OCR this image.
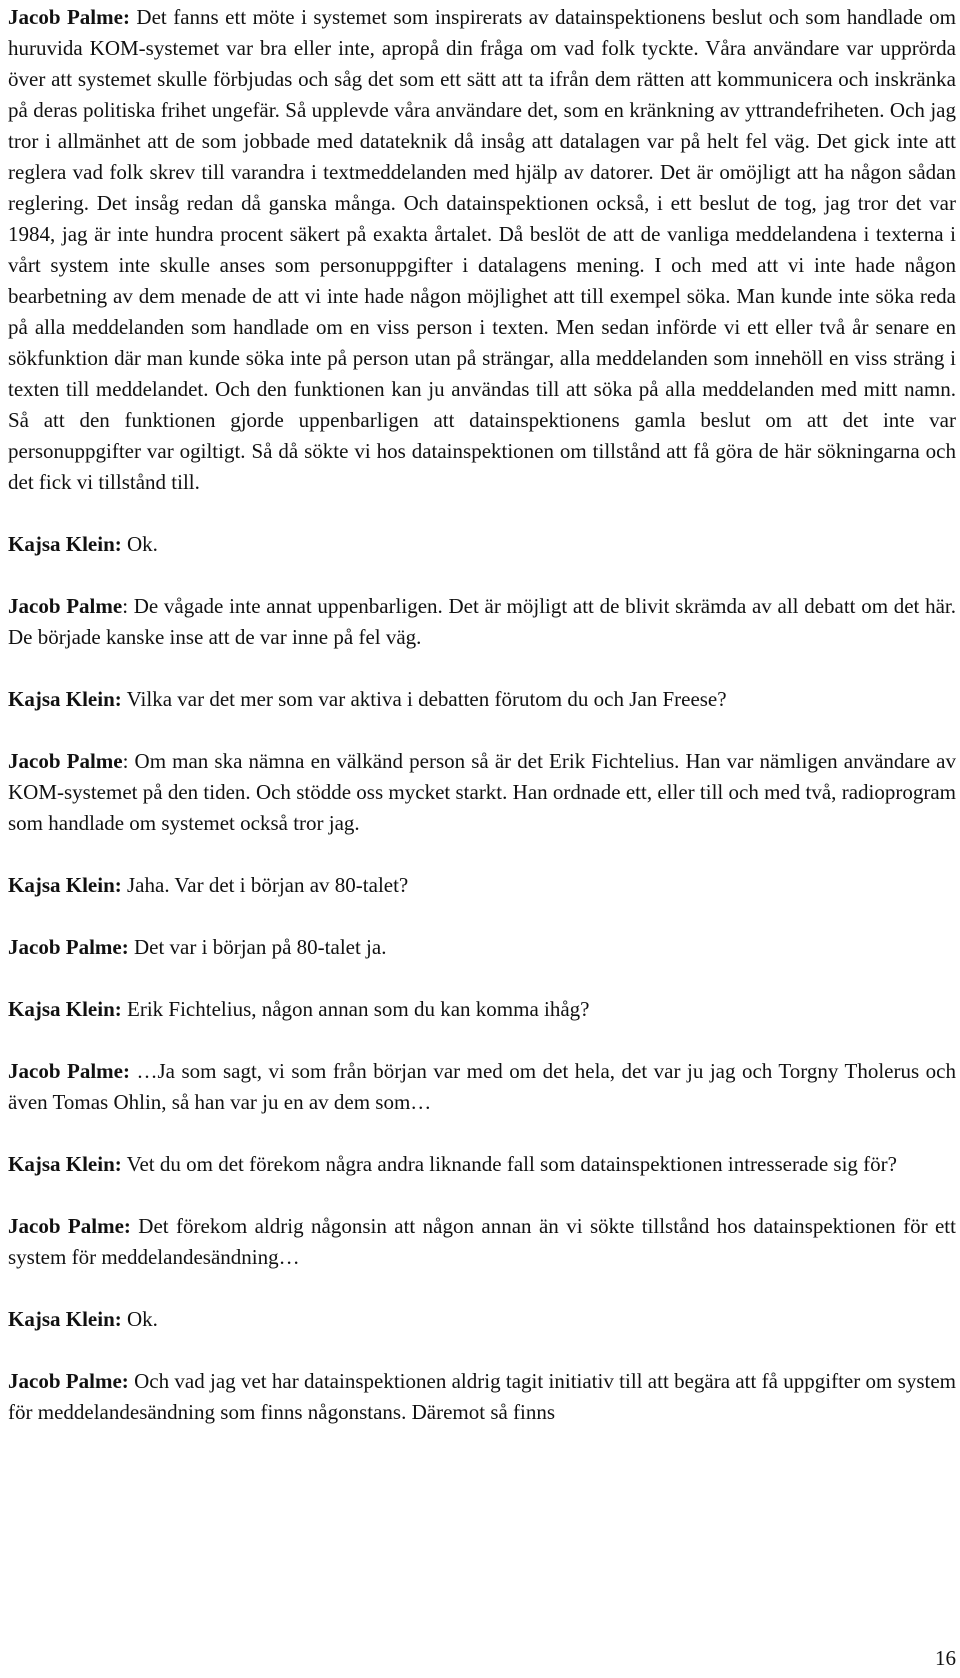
Jacob Palme: Det fanns ett möte i systemet som inspirerats av datainspektionens beslut och som handlade om huruvida KOM-systemet var bra eller inte, apropå din fråga om vad folk tyckte. Våra användare var upprörda över att systemet skulle förbjudas och såg det som ett sätt att ta ifrån dem rätten att kommunicera och inskränka på deras politiska frihet ungefär. Så upplevde våra användare det, som en kränkning av yttrandefriheten. Och jag tror i allmänhet att de som jobbade med datateknik då insåg att datalagen var på helt fel väg. Det gick inte att reglera vad folk skrev till varandra i textmeddelanden med hjälp av datorer. Det är omöjligt att ha någon sådan reglering. Det insåg redan då ganska många. Och datainspektionen också, i ett beslut de tog, jag tror det var 1984, jag är inte hundra procent säkert på exakta årtalet. Då beslöt de att de vanliga meddelandena i texterna i vårt system inte skulle anses som personuppgifter i datalagens mening. I och med att vi inte hade någon bearbetning av dem menade de att vi inte hade någon möjlighet att till exempel söka. Man kunde inte söka reda på alla meddelanden som handlade om en viss person i texten. Men sedan införde vi ett eller två år senare en sökfunktion där man kunde söka inte på person utan på strängar, alla meddelanden som innehöll en viss sträng i texten till meddelandet. Och den funktionen kan ju användas till att söka på alla meddelanden med mitt namn. Så att den funktionen gjorde uppenbarligen att datainspektionens gamla beslut om att det inte var personuppgifter var ogiltigt. Så då sökte vi hos datainspektionen om tillstånd att få göra de här sökningarna och det fick vi tillstånd till.

Kajsa Klein: Ok.

Jacob Palme: De vågade inte annat uppenbarligen. Det är möjligt att de blivit skrämda av all debatt om det här. De började kanske inse att de var inne på fel väg.

Kajsa Klein: Vilka var det mer som var aktiva i debatten förutom du och Jan Freese?

Jacob Palme: Om man ska nämna en välkänd person så är det Erik Fichtelius. Han var nämligen användare av KOM-systemet på den tiden. Och stödde oss mycket starkt. Han ordnade ett, eller till och med två, radioprogram som handlade om systemet också tror jag.

Kajsa Klein: Jaha. Var det i början av 80-talet?

Jacob Palme: Det var i början på 80-talet ja.

Kajsa Klein: Erik Fichtelius, någon annan som du kan komma ihåg?

Jacob Palme: …Ja som sagt, vi som från början var med om det hela, det var ju jag och Torgny Tholerus och även Tomas Ohlin, så han var ju en av dem som…

Kajsa Klein: Vet du om det förekom några andra liknande fall som datainspektionen intresserade sig för?

Jacob Palme: Det förekom aldrig någonsin att någon annan än vi sökte tillstånd hos datainspektionen för ett system för meddelandesändning…

Kajsa Klein: Ok.

Jacob Palme: Och vad jag vet har datainspektionen aldrig tagit initiativ till att begära att få uppgifter om system för meddelandesändning som finns någonstans. Däremot så finns

16
